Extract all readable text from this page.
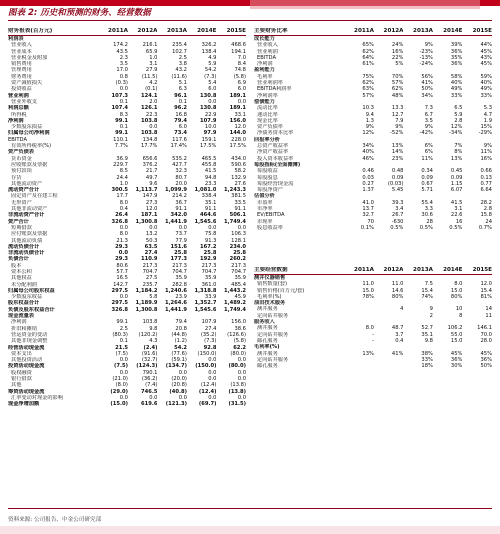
图表 2: 历史和预测的财务、经营数据
财务报表(百万元)	2011A	2012A	2013A	2014E	2015E
利润表					
营业收入	174.2	216.1	235.4	326.2	468.6
营业成本	43.5	65.9	102.7	138.4	194.1
营业税金及附加	2.3	1.0	2.5	4.9	7.0
销售费用	3.5	3.1	3.8	5.9	8.4
管理费用	17.0	27.9	43.2	54.2	74.8
财务费用	0.8	(11.5)	(11.6)	(7.3)	(5.8)
资产减值损失	(0.3)	4.2	5.1	5.4	6.9
投资收益	0.0	(0.1)	6.3	6.0	6.0
营业利润	107.3	124.1	96.1	130.8	189.1
营业外收支	0.1	2.0	0.1	0.0	0.0
利润总额	107.4	126.1	96.2	130.8	189.1
所得税	8.3	22.3	16.8	22.9	33.1
净利润	99.1	103.8	79.4	107.9	156.0
少数股东损益	0.1	0.0	6.0	10.0	12.0
归属母公司净利润	99.1	103.8	73.4	97.9	144.0
EBITDA	110.1	134.8	117.6	159.1	228.0
有效所得税率(%)	7.7%	17.7%	17.4%	17.5%	17.5%
资产负债表					
货币资金	36.9	656.6	535.2	465.5	434.0
应收账款及票据	229.7	376.2	427.7	455.8	590.6
预付款项	8.5	21.7	32.3	41.5	58.2
存货	24.4	49.7	80.7	94.8	132.9
其他流动资产	1.0	9.6	20.0	23.3	27.6
流动资产合计	300.5	1,113.7	1,099.9	1,081.0	1,243.3
固定资产及在建工程	17.7	147.9	214.2	338.4	381.5
无形资产	8.0	27.3	36.7	35.1	33.5
其他非流动资产	0.4	12.0	91.1	91.1	91.1
非流动资产合计	26.4	187.1	342.0	464.6	506.1
资产合计	326.8	1,300.8	1,441.9	1,545.6	1,749.4
短期借款	0.0	0.0	0.0	0.0	0.0
应付账款及票据	8.0	13.2	73.7	75.8	106.3
其他流动负债	21.3	50.3	77.9	91.3	128.1
流动负债合计	29.3	63.5	151.6	167.2	234.0
非流动负债合计	0.0	27.4	25.8	25.8	25.8
负债合计	29.3	110.9	177.3	192.9	260.2
股本	80.6	217.3	217.3	217.3	217.3
资本公积	57.7	704.7	704.7	704.7	704.7
其他权益	16.5	27.5	35.9	35.9	35.9
未分配利润	142.7	235.7	282.8	361.0	485.4
归属母公司股东权益	297.5	1,184.2	1,240.6	1,318.8	1,443.2
少数股东权益	0.0	5.8	23.9	33.9	45.9
股东权益合计	297.5	1,189.9	1,264.6	1,352.7	1,489.2
负债及股东权益合计	326.8	1,300.8	1,441.9	1,545.6	1,749.4
现金流量表					
净利润	99.1	103.8	79.4	107.9	156.0
折旧和摊销	2.5	9.8	20.8	27.4	38.6
营运资金的变动	(80.3)	(120.2)	(44.8)	(35.2)	(126.6)
其他非现金调整	0.1	4.3	(1.2)	(7.3)	(5.8)
经营活动现金流	21.5	(2.4)	54.2	92.8	62.2
资本支出	(7.5)	(91.6)	(77.6)	(150.0)	(80.0)
其他投资活动	0.0	(32.7)	(59.1)	0.0	0.0
投资活动现金流	(7.5)	(124.3)	(134.7)	(150.0)	(80.0)
股权融资	0.0	790.1	0.0	0.0	0.0
银行借款	(21.0)	(36.2)	(20.0)	0.0	0.0
其他	(8.0)	(7.4)	(20.8)	(12.4)	(13.8)
筹资活动现金流	(29.0)	746.5	(40.8)	(12.4)	(13.8)
汇率变动对现金的影响	0.0	0.0	0.0	0.0	0.0
现金净增加额	(15.0)	619.6	(121.3)	(69.7)	(31.5)
主要财务比率	2011A	2012A	2013A	2014E	2015E
成长能力					
营业收入	65%	24%	9%	39%	44%
营业利润	62%	16%	-23%	36%	45%
EBITDA	64%	22%	-13%	35%	43%
净利润	61%	5%	-24%	36%	45%
盈利能力					
毛利率	75%	70%	56%	58%	59%
营业利润率	62%	57%	41%	40%	40%
EBITDA利润率	63%	62%	50%	49%	49%
净利润率	57%	48%	34%	33%	33%
偿债能力					
流动比率	10.3	13.3	7.3	6.5	5.3
速动比率	9.4	12.7	6.7	5.9	4.7
现金比率	1.3	7.9	3.5	2.8	1.9
资产负债率	9%	9%	9%	12%	15%
净债务资本比率	12%	-52%	-42%	-34%	-29%
回报率分析					
总资产收益率	34%	13%	6%	7%	9%
净资产收益率	40%	14%	6%	8%	11%
投入资本收益率	46%	23%	11%	13%	16%
每股指标(全面摊薄)					
每股收益	0.46	0.48	0.34	0.45	0.66
每股股息	0.03	0.09	0.09	0.09	0.13
每股经营现金流	0.27	(0.03)	0.67	1.15	0.77
每股净资产	1.37	5.45	5.71	6.07	6.64
估值分析					
市盈率	41.0	39.3	55.4	41.5	28.2
市净率	13.7	3.4	3.3	3.1	2.8
EV/EBITDA	32.7	26.7	30.6	22.6	15.8
市现率	70	-630	28	16	24
股息收益率	0.1%	0.5%	0.5%	0.5%	0.7%
主要经营数据	2011A	2012A	2013A	2014E	2015E
测井仪器销售					
销售数量(套)	11.0	11.0	7.5	8.0	12.0
销售价格(百万元/套)	15.0	14.6	15.4	15.0	15.4
毛利率(%)	78%	80%	74%	80%	81%
油田技术服务					
测井服务		4	9	10	14
定向钻井服务			2	8	11
服务收入					
测井服务	8.0	48.7	52.7	106.2	146.1
定向钻井服务	-	3.7	35.1	55.0	70.0
邮孔服务	-	0.4	9.8	15.0	28.0
毛利率(%)					
测井服务	13%	41%	38%	45%	45%
定向钻井服务			33%	36%	36%
邮孔服务			18%	30%	50%
资料来源: 公司报告、中金公司研究部
